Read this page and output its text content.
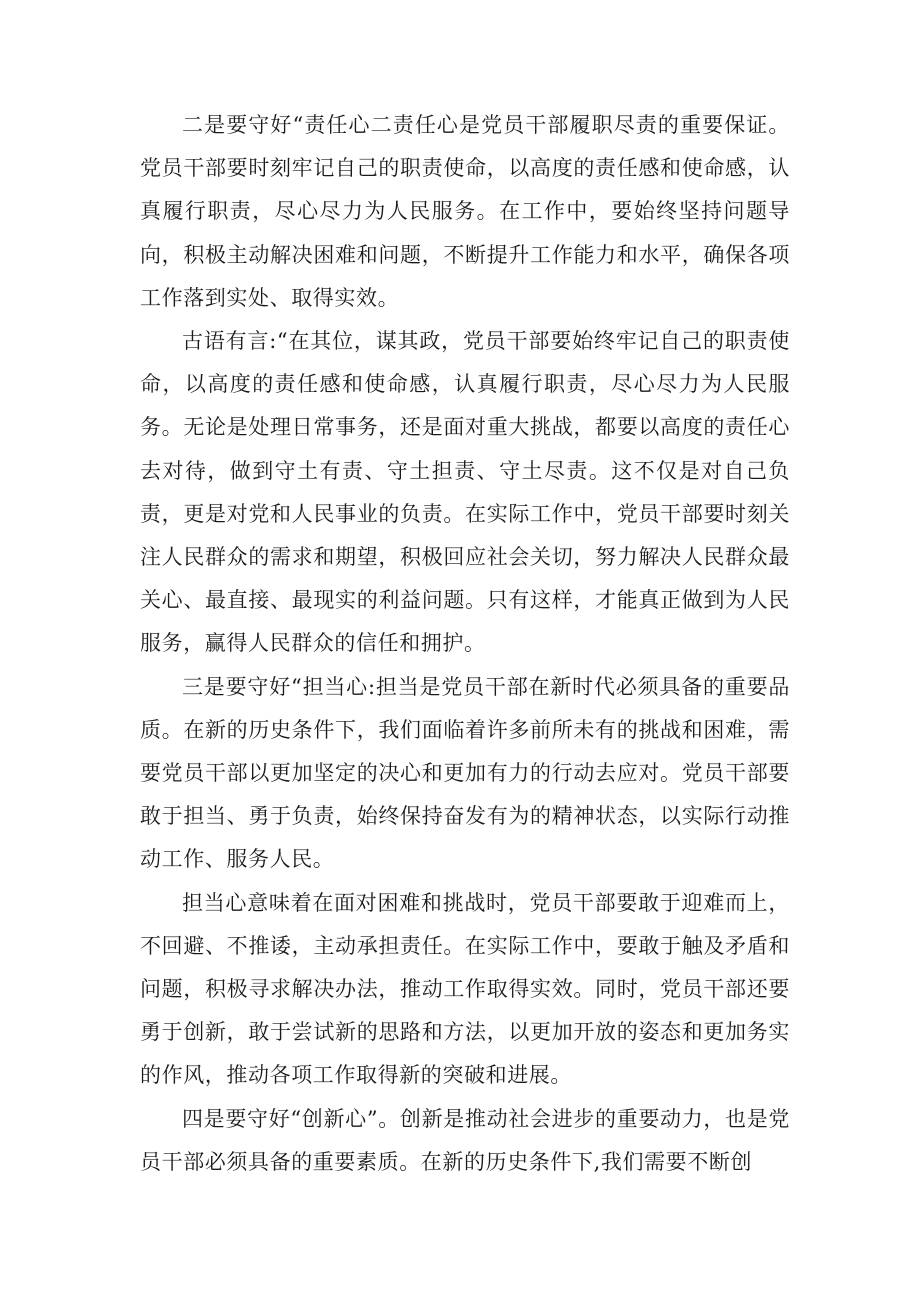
二是要守好“责任心二责任心是党员干部履职尽责的重要保证。党员干部要时刻牢记自己的职责使命，以高度的责任感和使命感，认真履行职责，尽心尽力为人民服务。在工作中，要始终坚持问题导向，积极主动解决困难和问题，不断提升工作能力和水平，确保各项工作落到实处、取得实效。

古语有言:“在其位，谋其政，党员干部要始终牢记自己的职责使命，以高度的责任感和使命感，认真履行职责，尽心尽力为人民服务。无论是处理日常事务，还是面对重大挑战，都要以高度的责任心去对待，做到守土有责、守土担责、守土尽责。这不仅是对自己负责，更是对党和人民事业的负责。在实际工作中，党员干部要时刻关注人民群众的需求和期望，积极回应社会关切，努力解决人民群众最关心、最直接、最现实的利益问题。只有这样，才能真正做到为人民服务，赢得人民群众的信任和拥护。

三是要守好“担当心:担当是党员干部在新时代必须具备的重要品质。在新的历史条件下，我们面临着许多前所未有的挑战和困难，需要党员干部以更加坚定的决心和更加有力的行动去应对。党员干部要敢于担当、勇于负责，始终保持奋发有为的精神状态，以实际行动推动工作、服务人民。

担当心意味着在面对困难和挑战时，党员干部要敢于迎难而上，不回避、不推诿，主动承担责任。在实际工作中，要敢于触及矛盾和问题，积极寻求解决办法，推动工作取得实效。同时，党员干部还要勇于创新，敢于尝试新的思路和方法，以更加开放的姿态和更加务实的作风，推动各项工作取得新的突破和进展。

四是要守好“创新心”。创新是推动社会进步的重要动力，也是党员干部必须具备的重要素质。在新的历史条件下,我们需要不断创
